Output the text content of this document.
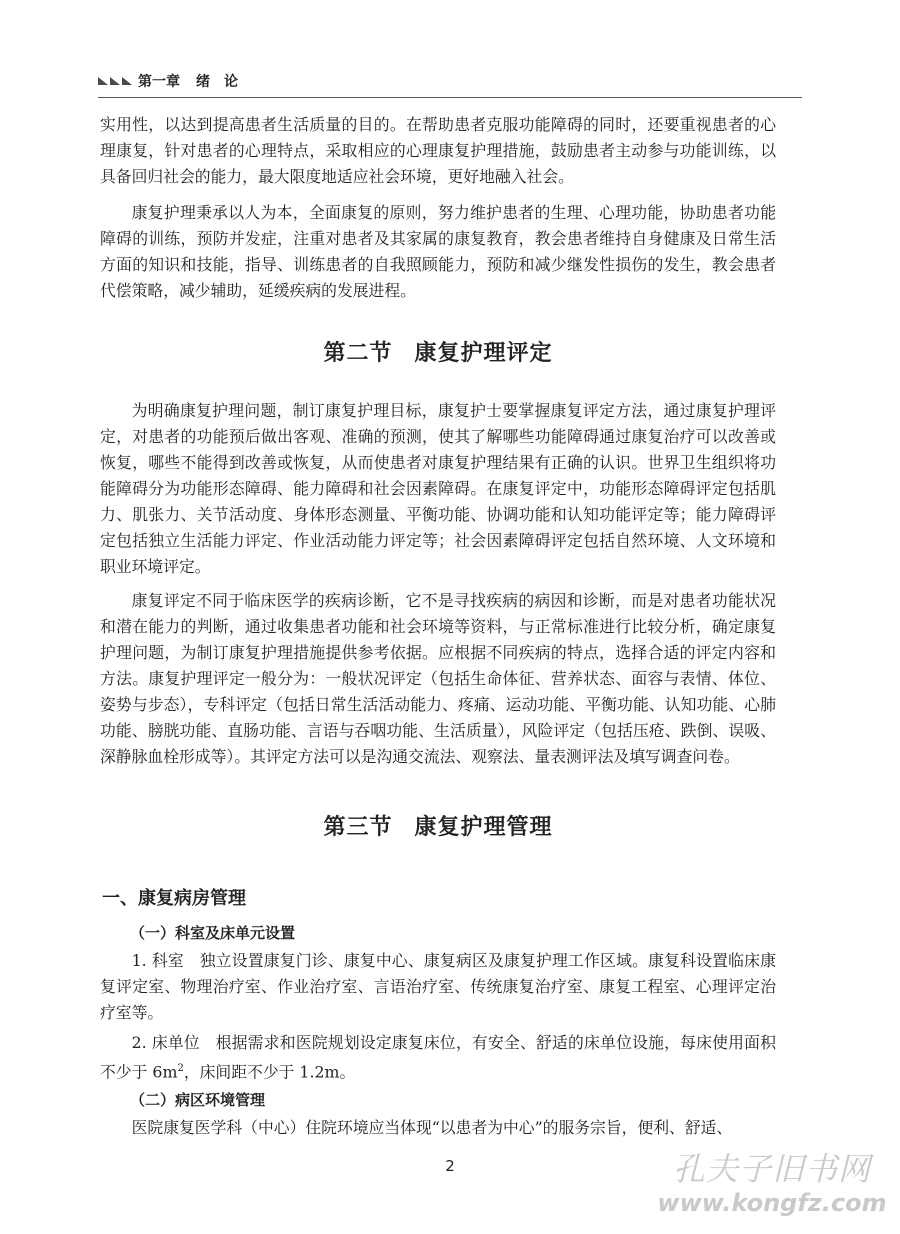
第一章 绪　论

实用性，以达到提高患者生活质量的目的。在帮助患者克服功能障碍的同时，还要重视患者的心理康复，针对患者的心理特点，采取相应的心理康复护理措施，鼓励患者主动参与功能训练，以具备回归社会的能力，最大限度地适应社会环境，更好地融入社会。

康复护理秉承以人为本，全面康复的原则，努力维护患者的生理、心理功能，协助患者功能障碍的训练，预防并发症，注重对患者及其家属的康复教育，教会患者维持自身健康及日常生活方面的知识和技能，指导、训练患者的自我照顾能力，预防和减少继发性损伤的发生，教会患者代偿策略，减少辅助，延缓疾病的发展进程。

第二节 康复护理评定

为明确康复护理问题，制订康复护理目标，康复护士要掌握康复评定方法，通过康复护理评定，对患者的功能预后做出客观、准确的预测，使其了解哪些功能障碍通过康复治疗可以改善或恢复，哪些不能得到改善或恢复，从而使患者对康复护理结果有正确的认识。世界卫生组织将功能障碍分为功能形态障碍、能力障碍和社会因素障碍。在康复评定中，功能形态障碍评定包括肌力、肌张力、关节活动度、身体形态测量、平衡功能、协调功能和认知功能评定等；能力障碍评定包括独立生活能力评定、作业活动能力评定等；社会因素障碍评定包括自然环境、人文环境和职业环境评定。

康复评定不同于临床医学的疾病诊断，它不是寻找疾病的病因和诊断，而是对患者功能状况和潜在能力的判断，通过收集患者功能和社会环境等资料，与正常标准进行比较分析，确定康复护理问题，为制订康复护理措施提供参考依据。应根据不同疾病的特点，选择合适的评定内容和方法。康复护理评定一般分为：一般状况评定（包括生命体征、营养状态、面容与表情、体位、姿势与步态），专科评定（包括日常生活活动能力、疼痛、运动功能、平衡功能、认知功能、心肺功能、膀胱功能、直肠功能、言语与吞咽功能、生活质量），风险评定（包括压疮、跌倒、误吸、深静脉血栓形成等）。其评定方法可以是沟通交流法、观察法、量表测评法及填写调查问卷。

第三节 康复护理管理
一、康复病房管理
（一）科室及床单元设置

1. 科室 独立设置康复门诊、康复中心、康复病区及康复护理工作区域。康复科设置临床康复评定室、物理治疗室、作业治疗室、言语治疗室、传统康复治疗室、康复工程室、心理评定治疗室等。

2. 床单位 根据需求和医院规划设定康复床位，有安全、舒适的床单位设施，每床使用面积不少于 $6m^2$，床间距不少于 1.2m。

（二）病区环境管理

医院康复医学科（中心）住院环境应当体现“以患者为中心”的服务宗旨，便利、舒适、

2	孔夫子旧书网
www.kongfz.com
